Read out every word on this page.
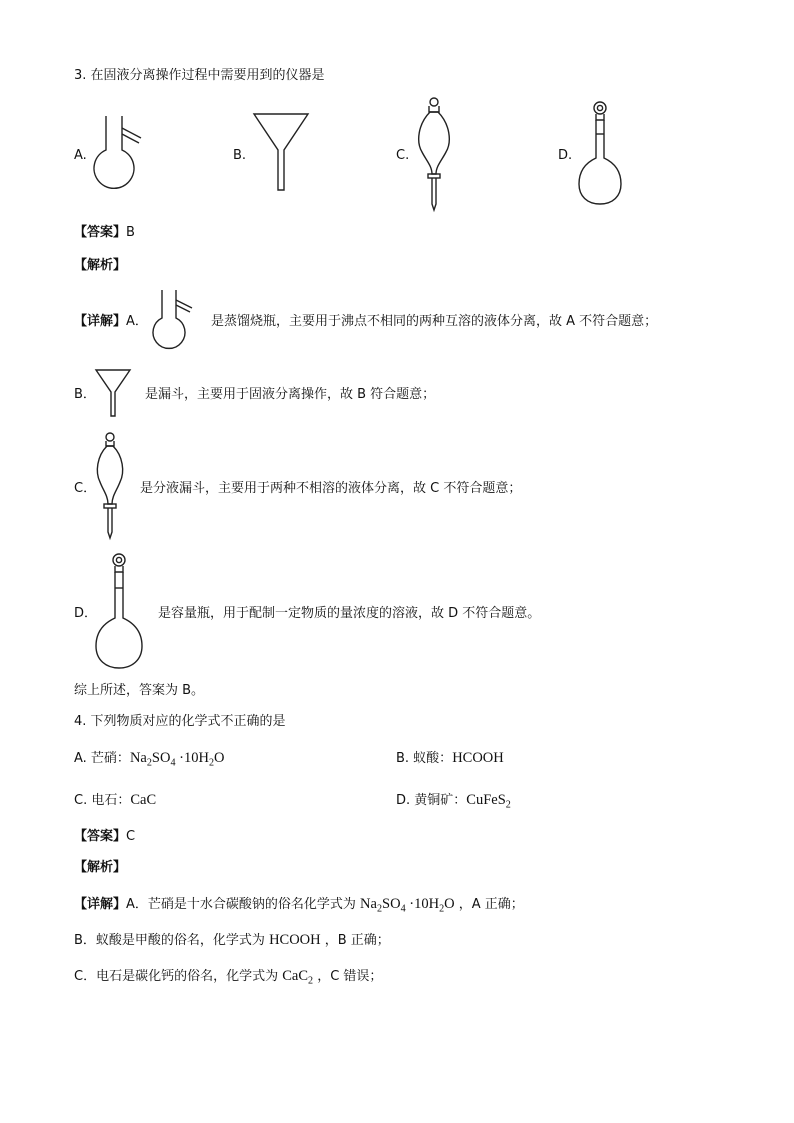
3. 在固液分离操作过程中需要用到的仪器是
A.	B.	C.	D.
【答案】B
【解析】
【详解】A．	是蒸馏烧瓶，主要用于沸点不相同的两种互溶的液体分离，故 A 不符合题意；
B．	是漏斗，主要用于固液分离操作，故 B 符合题意；
C．	是分液漏斗，主要用于两种不相溶的液体分离，故 C 不符合题意；
D．	是容量瓶，用于配制一定物质的量浓度的溶液，故 D 不符合题意。
综上所述，答案为 B。
4. 下列物质对应的化学式不正确的是
A. 芒硝：$Na_2SO_4 \cdot 10H_2O$	B. 蚁酸：HCOOH
C. 电石：CaC	D. 黄铜矿：CuFeS$_2$
【答案】C
【解析】
【详解】A．芒硝是十水合碳酸钠的俗名化学式为 $Na_2SO_4 \cdot 10H_2O$ ，A 正确；
B．蚁酸是甲酸的俗名，化学式为 HCOOH ，B 正确；
C．电石是碳化钙的俗名，化学式为 CaC$_2$ ，C 错误；
